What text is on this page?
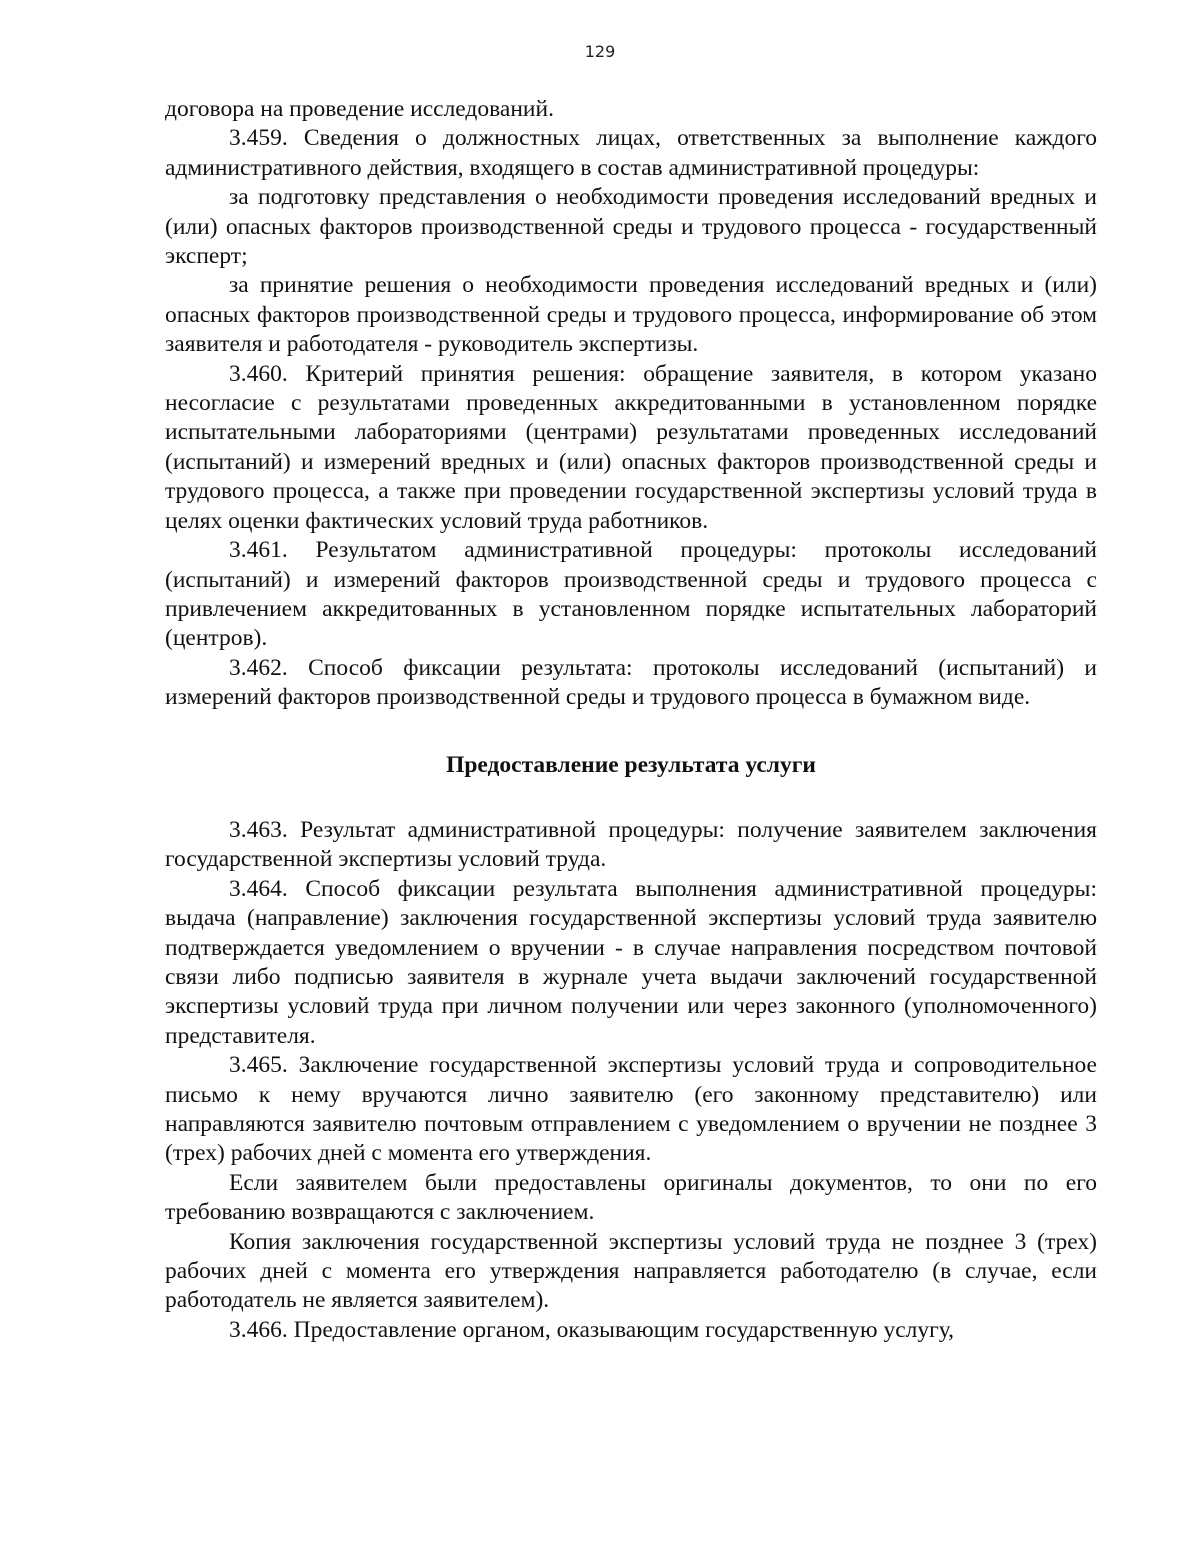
129

договора на проведение исследований.

3.459. Сведения о должностных лицах, ответственных за выполнение каждого административного действия, входящего в состав административной процедуры:

за подготовку представления о необходимости проведения исследований вредных и (или) опасных факторов производственной среды и трудового процесса - государственный эксперт;

за принятие решения о необходимости проведения исследований вредных и (или) опасных факторов производственной среды и трудового процесса, информирование об этом заявителя и работодателя - руководитель экспертизы.

3.460. Критерий принятия решения: обращение заявителя, в котором указано несогласие с результатами проведенных аккредитованными в установленном порядке испытательными лабораториями (центрами) результатами проведенных исследований (испытаний) и измерений вредных и (или) опасных факторов производственной среды и трудового процесса, а также при проведении государственной экспертизы условий труда в целях оценки фактических условий труда работников.

3.461. Результатом административной процедуры: протоколы исследований (испытаний) и измерений факторов производственной среды и трудового процесса с привлечением аккредитованных в установленном порядке испытательных лабораторий (центров).

3.462. Способ фиксации результата: протоколы исследований (испытаний) и измерений факторов производственной среды и трудового процесса в бумажном виде.

Предоставление результата услуги

3.463. Результат административной процедуры: получение заявителем заключения государственной экспертизы условий труда.

3.464. Способ фиксации результата выполнения административной процедуры: выдача (направление) заключения государственной экспертизы условий труда заявителю подтверждается уведомлением о вручении - в случае направления посредством почтовой связи либо подписью заявителя в журнале учета выдачи заключений государственной экспертизы условий труда при личном получении или через законного (уполномоченного) представителя.

3.465. Заключение государственной экспертизы условий труда и сопроводительное письмо к нему вручаются лично заявителю (его законному представителю) или направляются заявителю почтовым отправлением с уведомлением о вручении не позднее 3 (трех) рабочих дней с момента его утверждения.

Если заявителем были предоставлены оригиналы документов, то они по его требованию возвращаются с заключением.

Копия заключения государственной экспертизы условий труда не позднее 3 (трех) рабочих дней с момента его утверждения направляется работодателю (в случае, если работодатель не является заявителем).

3.466. Предоставление органом, оказывающим государственную услугу,
